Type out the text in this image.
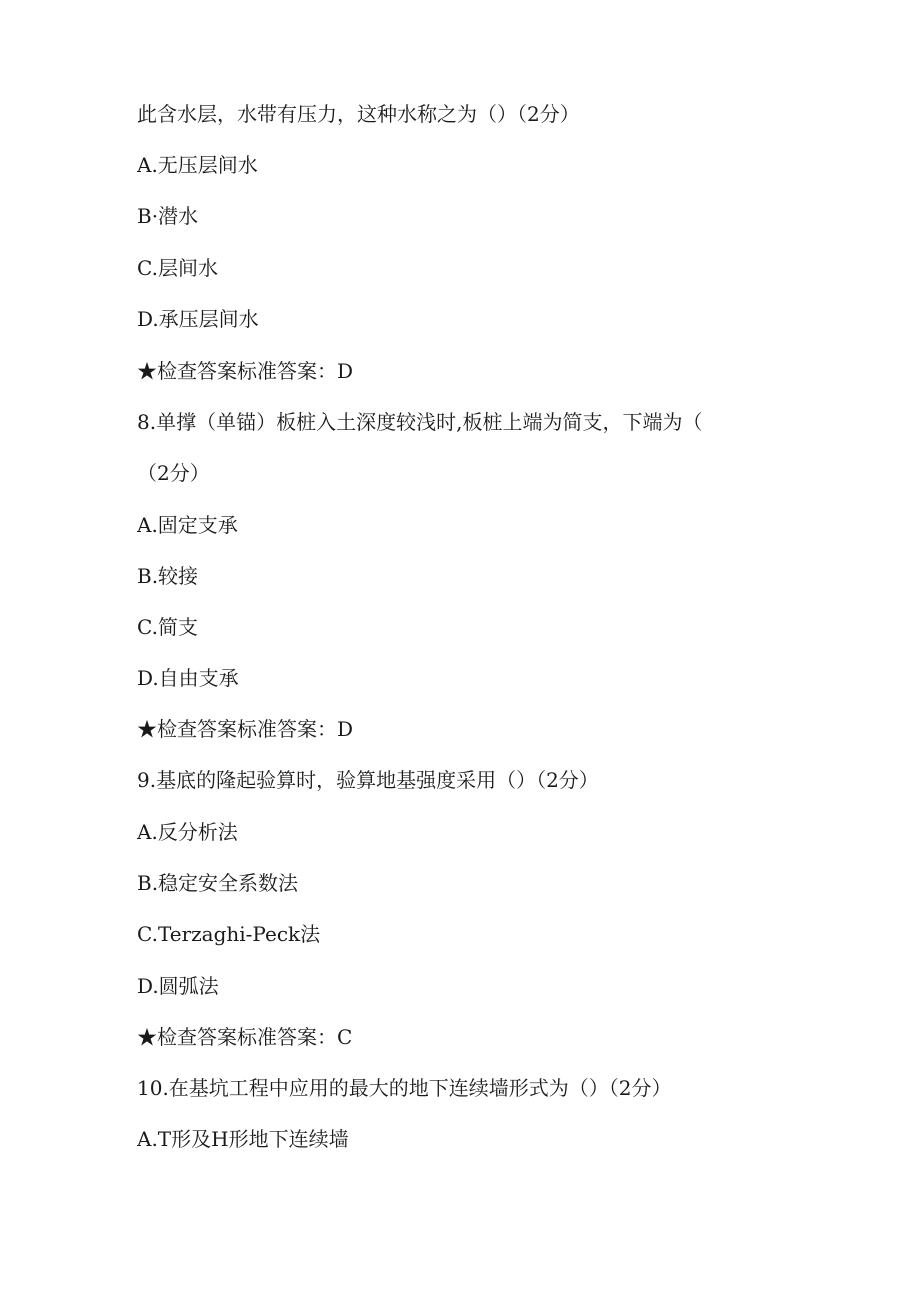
此含水层，水带有压力，这种水称之为（）（2分）
A.无压层间水
B·潜水
C.层间水
D.承压层间水
★检查答案标准答案：D
8.单撑（单锚）板桩入土深度较浅时,板桩上端为简支，下端为（
（2分）
A.固定支承
B.较接
C.简支
D.自由支承
★检查答案标准答案：D
9.基底的隆起验算时，验算地基强度采用（）（2分）
A.反分析法
B.稳定安全系数法
C.Terzaghi-Peck法
D.圆弧法
★检查答案标准答案：C
10.在基坑工程中应用的最大的地下连续墙形式为（）（2分）
A.T形及H形地下连续墙
